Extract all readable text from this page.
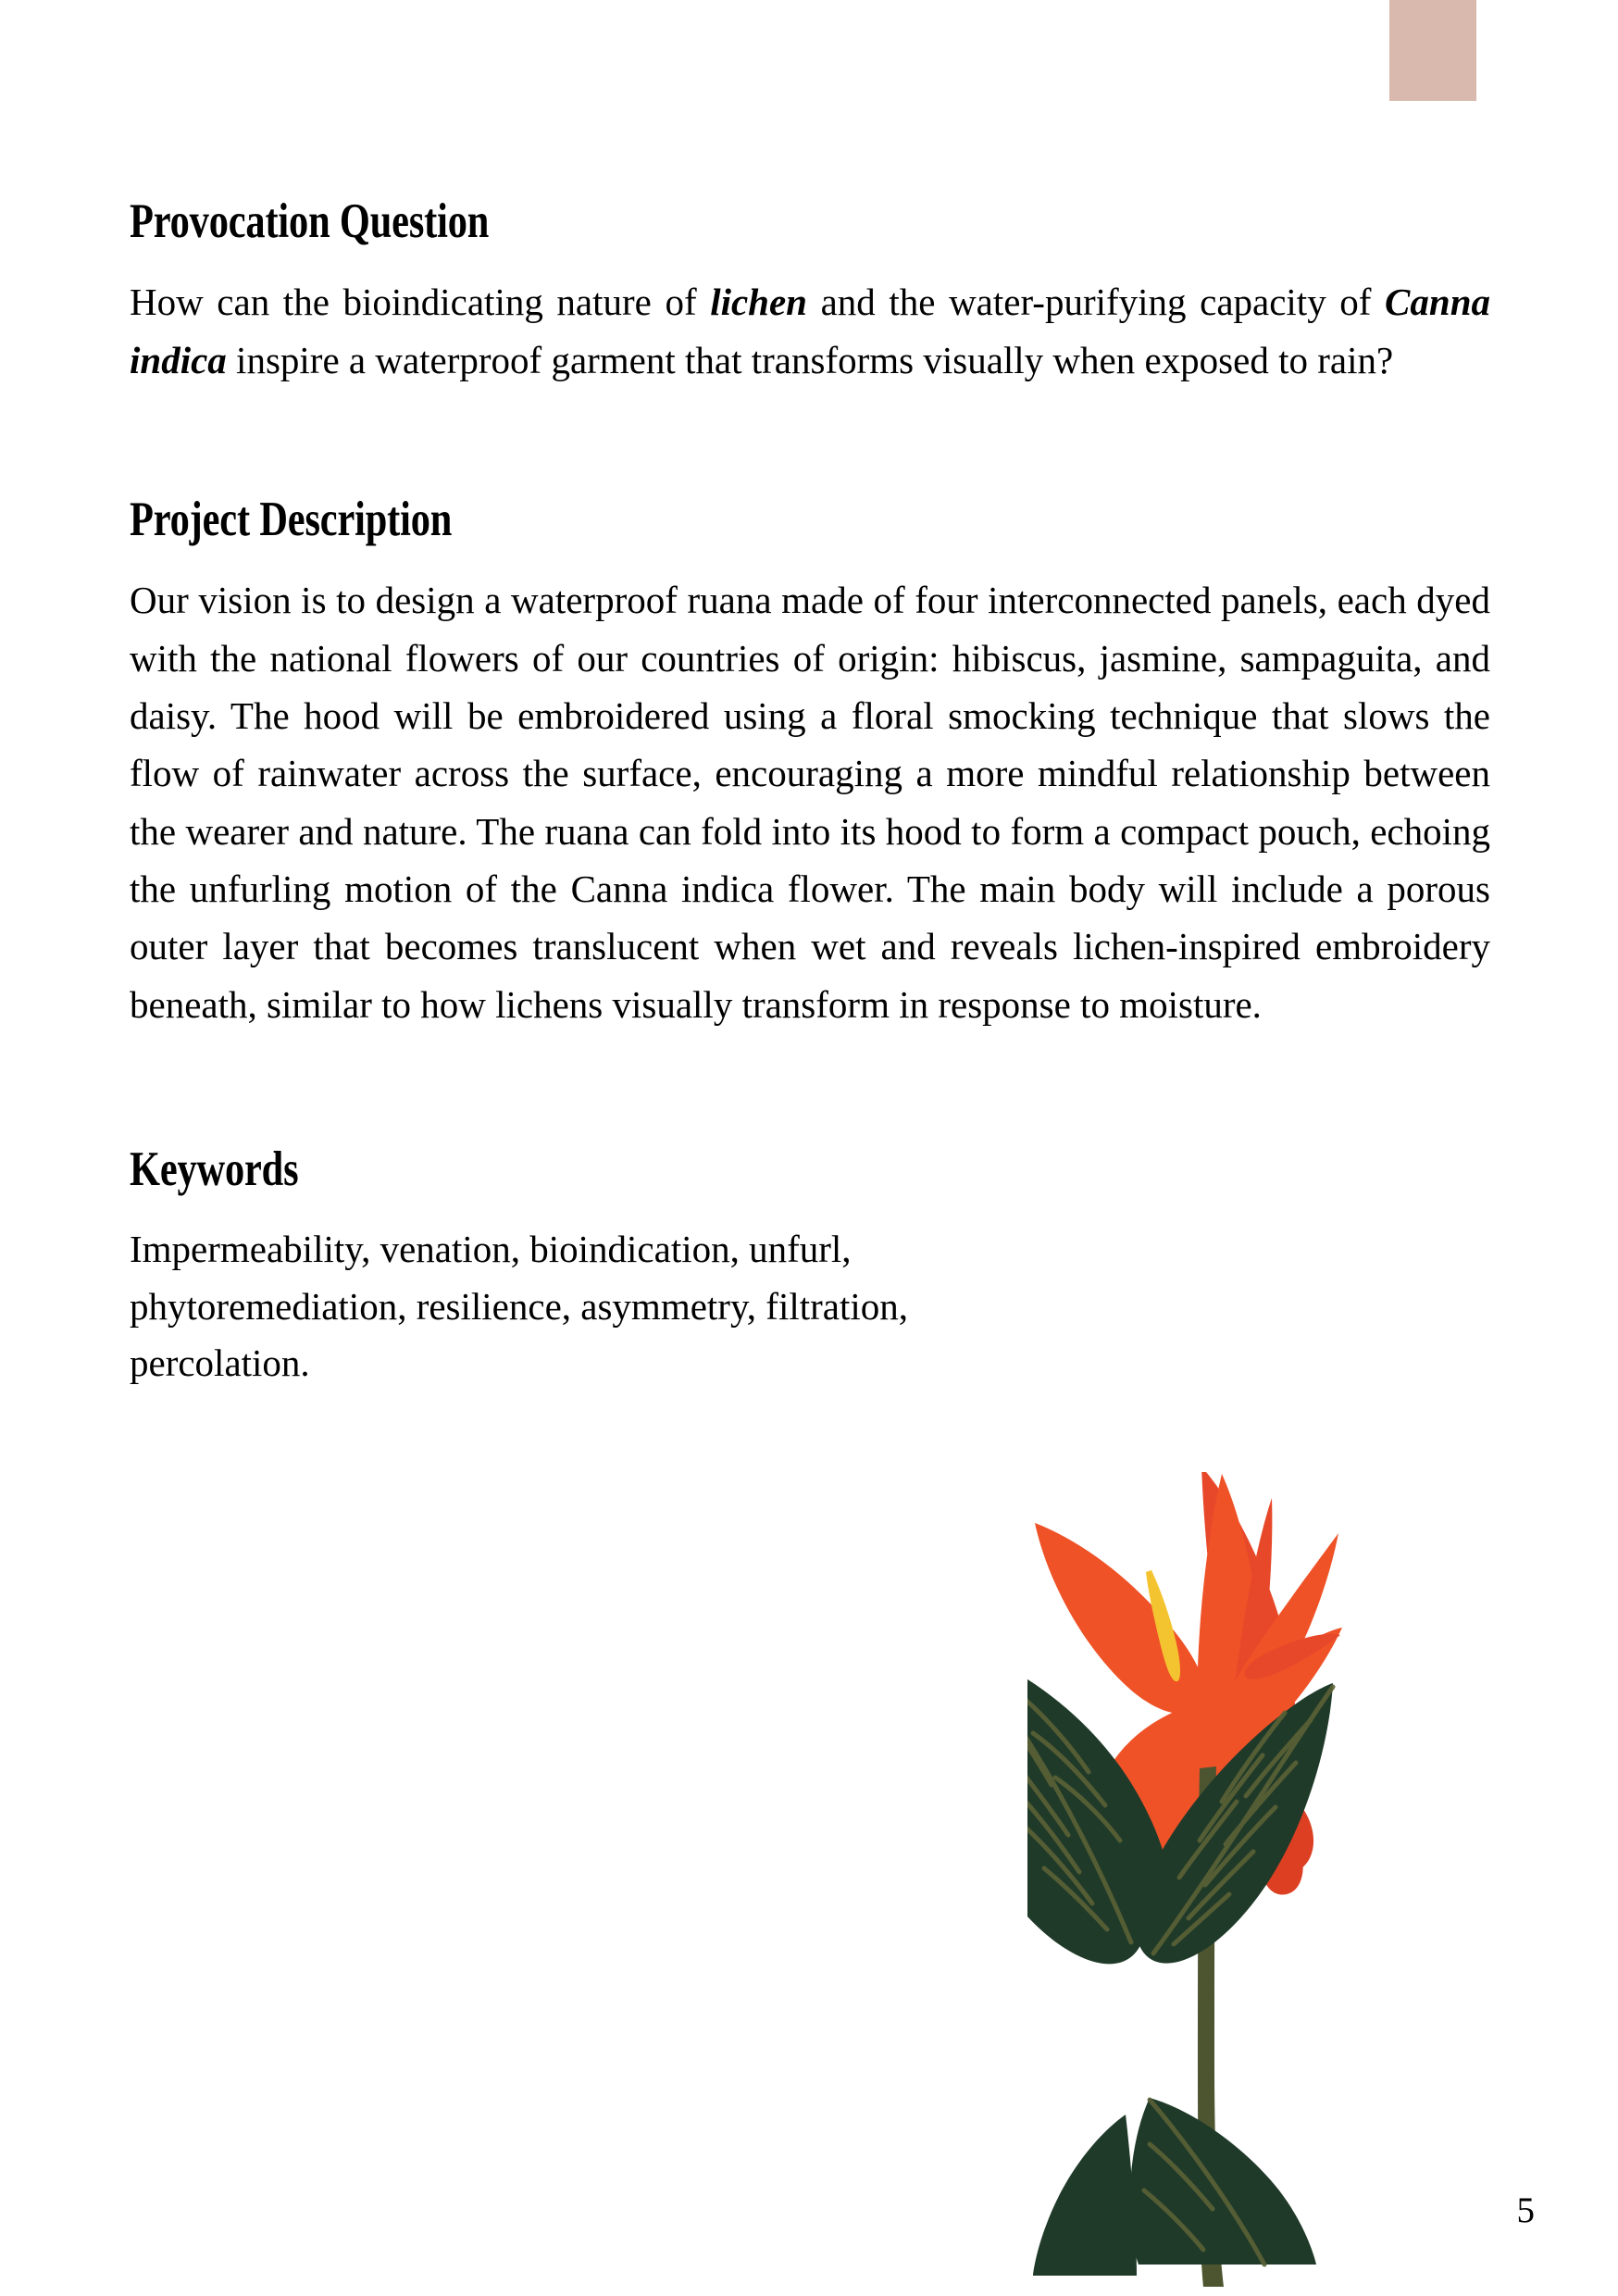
Provocation Question

How can the bioindicating nature of lichen and the water-purifying capacity of Canna indica inspire a waterproof garment that transforms visually when exposed to rain?

Project Description

Our vision is to design a waterproof ruana made of four interconnected panels, each dyed with the national flowers of our countries of origin: hibiscus, jasmine, sampaguita, and daisy. The hood will be embroidered using a floral smocking technique that slows the flow of rainwater across the surface, encouraging a more mindful relationship between the wearer and nature. The ruana can fold into its hood to form a compact pouch, echoing the unfurling motion of the Canna indica flower. The main body will include a porous outer layer that becomes translucent when wet and reveals lichen-inspired embroidery beneath, similar to how lichens visually transform in response to moisture.

Keywords

Impermeability, venation, bioindication, unfurl, phytoremediation, resilience, asymmetry, filtration, percolation.

5
